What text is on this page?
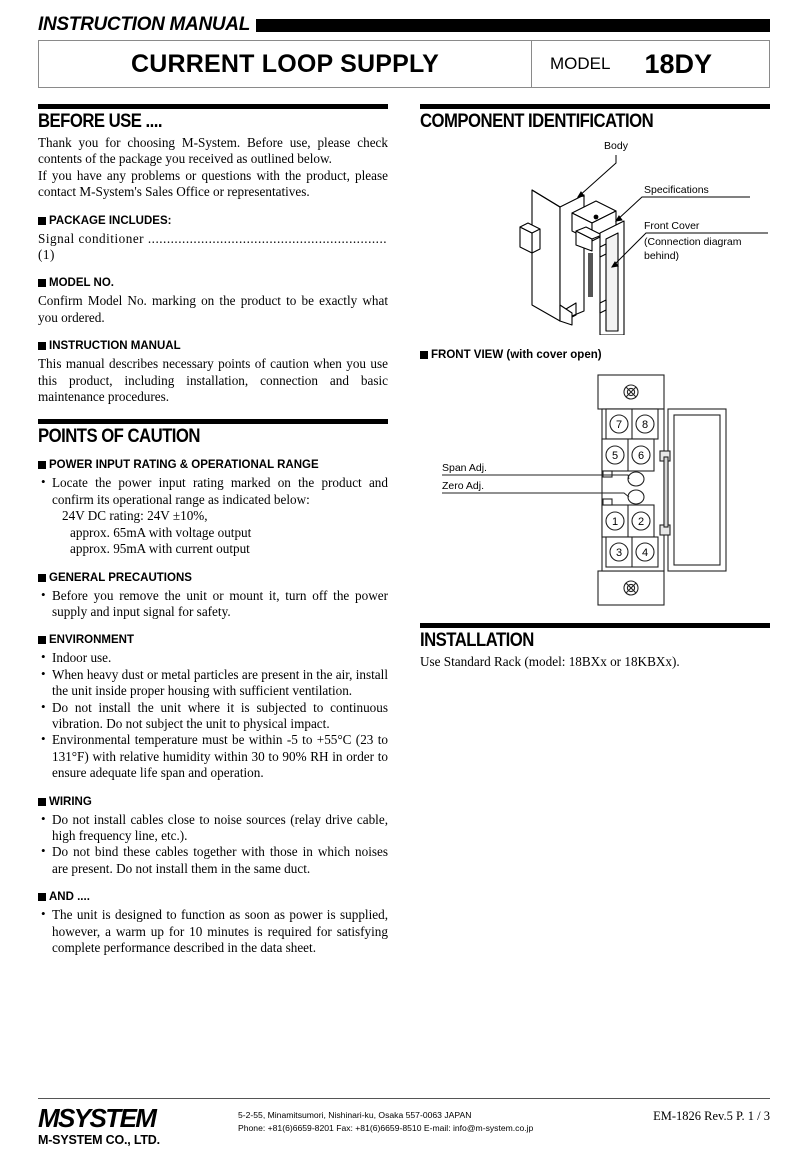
INSTRUCTION MANUAL
CURRENT LOOP SUPPLY	MODEL	18DY
BEFORE USE ....

Thank you for choosing M-System. Before use, please check contents of the package you received as outlined below.

If you have any problems or questions with the product, please contact M-System's Sales Office or representatives.

PACKAGE INCLUDES:

Signal conditioner ...............................................................(1)

MODEL NO.

Confirm Model No. marking on the product to be exactly what you ordered.

INSTRUCTION MANUAL

This manual describes necessary points of caution when you use this product, including installation, connection and basic maintenance procedures.

POINTS OF CAUTION
POWER INPUT RATING & OPERATIONAL RANGE
• Locate the power input rating marked on the product and confirm its operational range as indicated below:
24V DC rating: 24V ±10%,
approx. 65mA with voltage output
approx. 95mA with current output
GENERAL PRECAUTIONS
• Before you remove the unit or mount it, turn off the power supply and input signal for safety.
ENVIRONMENT
• Indoor use.
• When heavy dust or metal particles are present in the air, install the unit inside proper housing with sufficient ventilation.
• Do not install the unit where it is subjected to continuous vibration. Do not subject the unit to physical impact.
• Environmental temperature must be within -5 to +55°C (23 to 131°F) with relative humidity within 30 to 90% RH in order to ensure adequate life span and operation.
WIRING
• Do not install cables close to noise sources (relay drive cable, high frequency line, etc.).
• Do not bind these cables together with those in which noises are present. Do not install them in the same duct.
AND ....
• The unit is designed to function as soon as power is supplied, however, a warm up for 10 minutes is required for satisfying complete performance described in the data sheet.
COMPONENT IDENTIFICATION
Body
Specifications
Front Cover
(Connection diagram
behind)
FRONT VIEW (with cover open)
7 8
5 6
1 2
3 4
Span Adj.
Zero Adj.
INSTALLATION

Use Standard Rack (model: 18BXx or 18KBXx).

MSYSTEM
M-SYSTEM CO., LTD.
5-2-55, Minamitsumori, Nishinari-ku, Osaka 557-0063 JAPAN
Phone: +81(6)6659-8201 Fax: +81(6)6659-8510 E-mail: info@m-system.co.jp
EM-1826 Rev.5 P. 1 / 3
